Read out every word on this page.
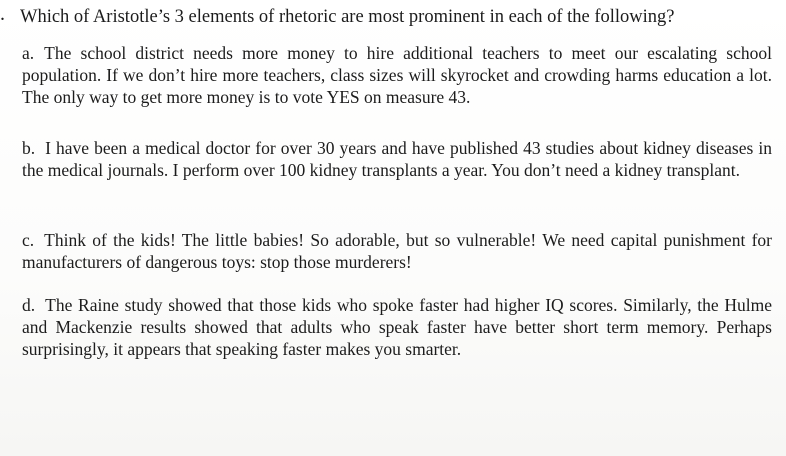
. Which of Aristotle’s 3 elements of rhetoric are most prominent in each of the following?
a. The school district needs more money to hire additional teachers to meet our escalating school population. If we don’t hire more teachers, class sizes will skyrocket and crowding harms education a lot. The only way to get more money is to vote YES on measure 43.
b. I have been a medical doctor for over 30 years and have published 43 studies about kidney diseases in the medical journals. I perform over 100 kidney transplants a year. You don’t need a kidney transplant.
c. Think of the kids! The little babies! So adorable, but so vulnerable! We need capital punishment for manufacturers of dangerous toys: stop those murderers!
d. The Raine study showed that those kids who spoke faster had higher IQ scores. Similarly, the Hulme and Mackenzie results showed that adults who speak faster have better short term memory. Perhaps surprisingly, it appears that speaking faster makes you smarter.
